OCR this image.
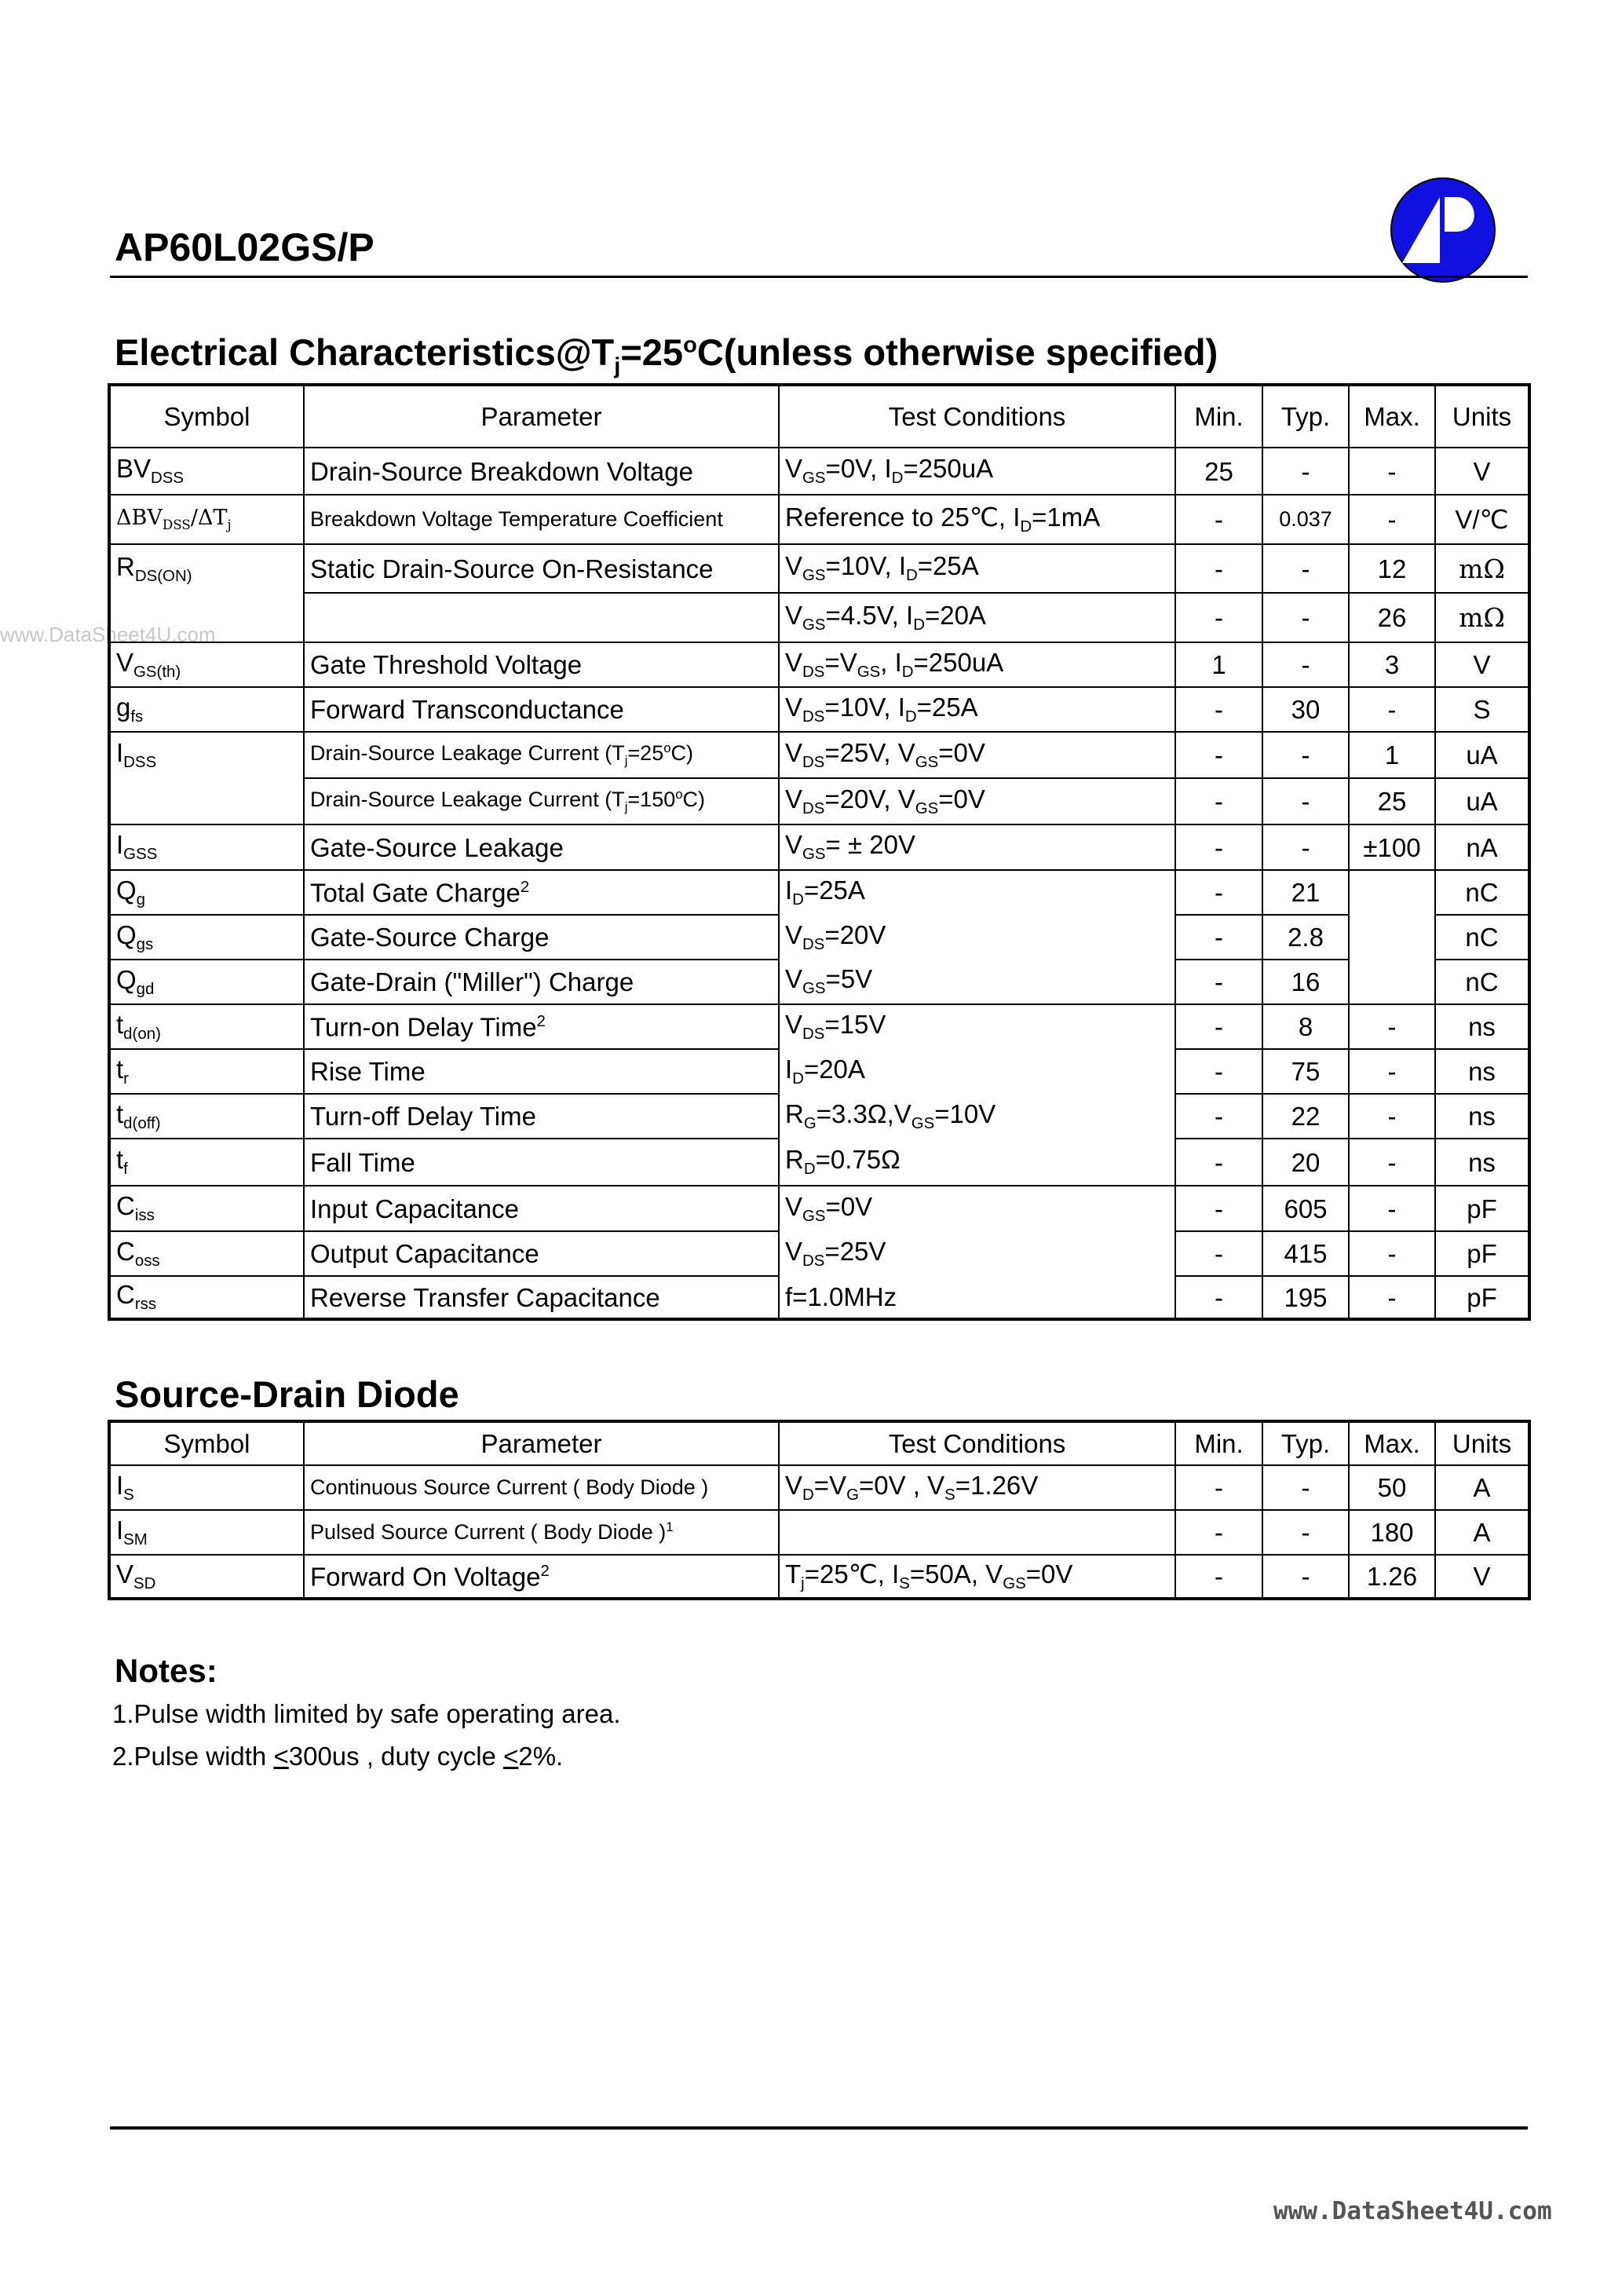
AP60L02GS/P
www.DataSheet4U.com
Electrical $Characteristics@T_j=25^oC(unless$ otherwise specified)
Symbol	Parameter	Test Conditions	Min.	Typ.	Max.	Units
$BV_{DSS}$	Drain-Source Breakdown Voltage	$V_{GS}=0V$, $I_D=250uA$	25	-	-	V
$\Delta BV_{DSS}/\Delta T_j$	Breakdown Voltage Temperature Coefficient	Reference to 25℃, $I_D=1mA$	-	0.037	-	V/℃
$R_{DS(ON)}$	Static Drain-Source On-Resistance	$V_{GS}=10V$, $I_D=25A$	-	-	12	mΩ
		$V_{GS}=4.5V$, $I_D=20A$	-	-	26	mΩ
$V_{GS(th)}$	Gate Threshold Voltage	$V_{DS}=V_{GS}$, $I_D=250uA$	1	-	3	V
$g_{fs}$	Forward Transconductance	$V_{DS}=10V$, $I_D=25A$	-	30	-	S
$I_{DSS}$	Drain-Source Leakage Current $(T_j=25^oC)$	$V_{DS}=25V$, $V_{GS}=0V$	-	-	1	uA
	Drain-Source Leakage Current $(T_j=150^oC)$	$V_{DS}=20V$, $V_{GS}=0V$	-	-	25	uA
$I_{GSS}$	Gate-Source Leakage	$V_{GS}= \pm 20V$	-	-	±100	nA
$Q_g$	Total Gate Charge$^2$	$I_D=25A$	-	21		nC
$Q_{gs}$	Gate-Source Charge	$V_{DS}=20V$	-	2.8		nC
$Q_{gd}$	Gate-Drain ("Miller") Charge	$V_{GS}=5V$	-	16		nC
$t_{d(on)}$	Turn-on Delay Time$^2$	$V_{DS}=15V$	-	8	-	ns
$t_r$	Rise Time	$I_D=20A$	-	75	-	ns
$t_{d(off)}$	Turn-off Delay Time	$R_G=3.3\Omega,V_{GS}=10V$	-	22	-	ns
$t_f$	Fall Time	$R_D=0.75\Omega$	-	20	-	ns
$C_{iss}$	Input Capacitance	$V_{GS}=0V$	-	605	-	pF
$C_{oss}$	Output Capacitance	$V_{DS}=25V$	-	415	-	pF
$C_{rss}$	Reverse Transfer Capacitance	f=1.0MHz	-	195	-	pF
Source-Drain Diode
Symbol	Parameter	Test Conditions	Min.	Typ.	Max.	Units
$I_S$	Continuous Source Current ( Body Diode )	$V_D=V_G=0V$ , $V_S=1.26V$	-	-	50	A
$I_{SM}$	Pulsed Source Current ( Body Diode )$^1$		-	-	180	A
$V_{SD}$	Forward On Voltage$^2$	$T_j=25℃$, $I_S=50A$, $V_{GS}=0V$	-	-	1.26	V
Notes:
1.Pulse width limited by safe operating area.
2.Pulse width <300us , duty cycle <2%.
www.DataSheet4U.com
